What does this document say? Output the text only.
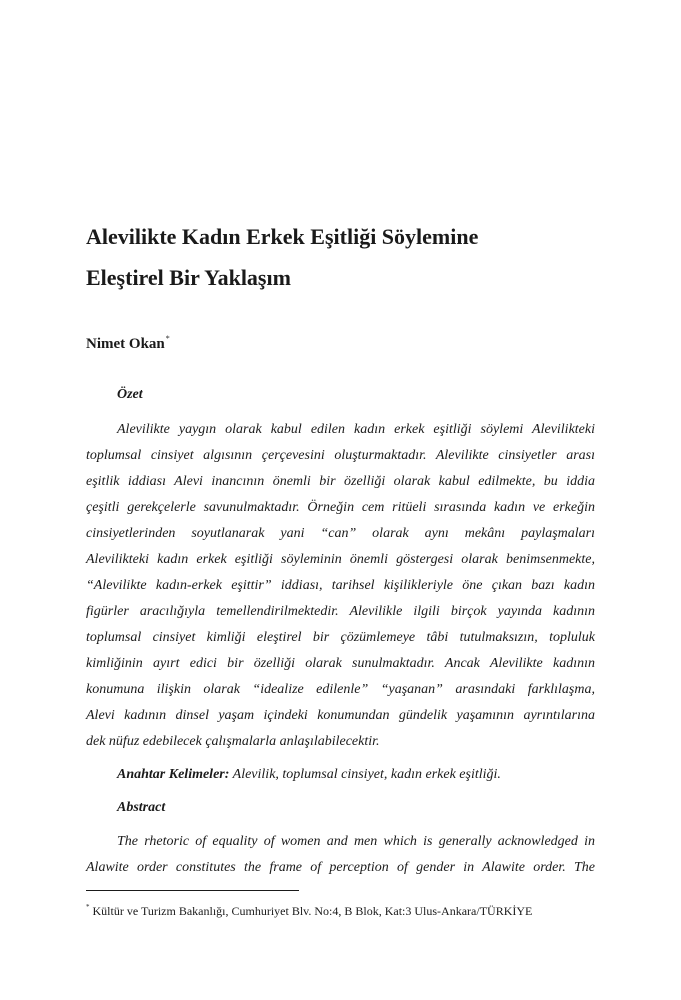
Alevilikte Kadın Erkek Eşitliği Söylemine
Eleştirel Bir Yaklaşım
Nimet Okan*
Özet
Alevilikte yaygın olarak kabul edilen kadın erkek eşitliği söylemi Alevilikteki
toplumsal cinsiyet algısının çerçevesini oluşturmaktadır. Alevilikte cinsiyetler arası
eşitlik iddiası Alevi inancının önemli bir özelliği olarak kabul edilmekte, bu iddia
çeşitli gerekçelerle savunulmaktadır. Örneğin cem ritüeli sırasında kadın ve erkeğin
cinsiyetlerinden soyutlanarak yani “can” olarak aynı mekânı paylaşmaları
Alevilikteki kadın erkek eşitliği söyleminin önemli göstergesi olarak benimsenmekte,
“Alevilikte kadın-erkek eşittir” iddiası, tarihsel kişilikleriyle öne çıkan bazı kadın
figürler aracılığıyla temellendirilmektedir. Alevilikle ilgili birçok yayında kadının
toplumsal cinsiyet kimliği eleştirel bir çözümlemeye tâbi tutulmaksızın, topluluk
kimliğinin ayırt edici bir özelliği olarak sunulmaktadır. Ancak Alevilikte kadının
konumuna ilişkin olarak “idealize edilenle” “yaşanan” arasındaki farklılaşma,
Alevi kadının dinsel yaşam içindeki konumundan gündelik yaşamının ayrıntılarına
dek nüfuz edebilecek çalışmalarla anlaşılabilecektir.
Anahtar Kelimeler: Alevilik, toplumsal cinsiyet, kadın erkek eşitliği.
Abstract
The rhetoric of equality of women and men which is generally acknowledged in
Alawite order constitutes the frame of perception of gender in Alawite order. The
* Kültür ve Turizm Bakanlığı, Cumhuriyet Blv. No:4, B Blok, Kat:3 Ulus-Ankara/TÜRKİYE
